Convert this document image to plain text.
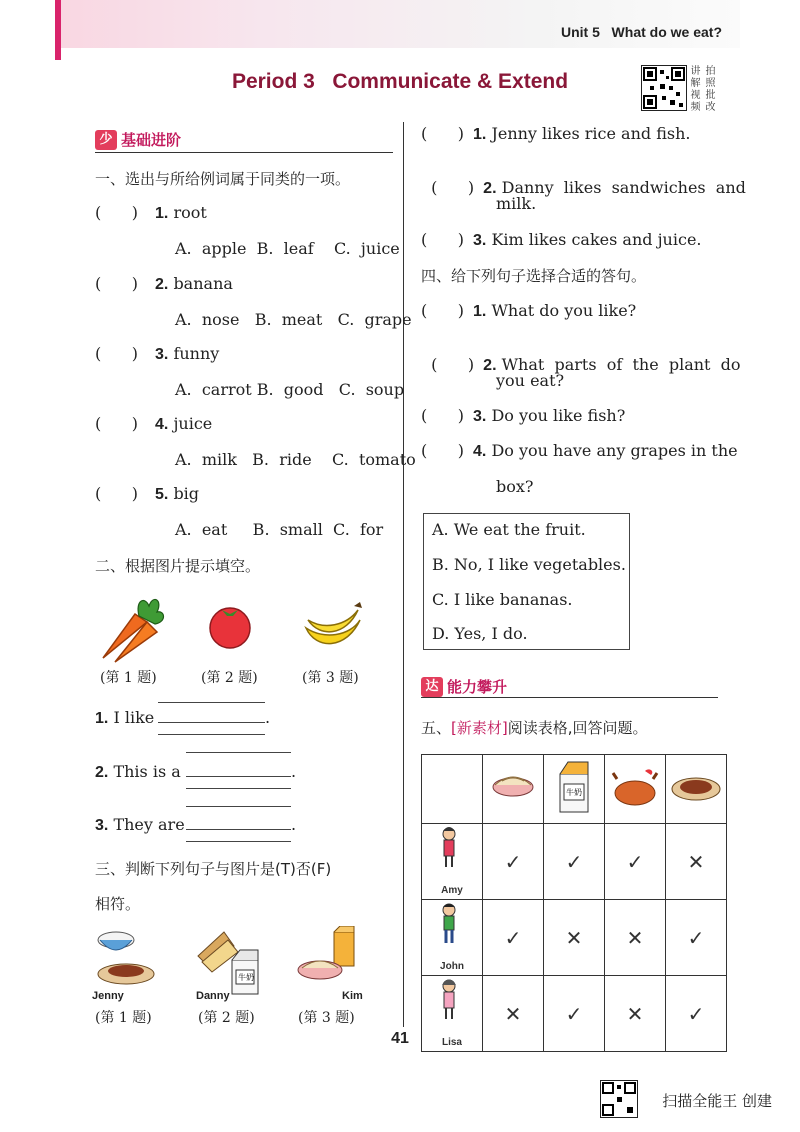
Unit 5 What do we eat?
Period 3   Communicate & Extend	讲 拍 解 照 视 批 频 改
少 基础进阶
一、选出与所给例词属于同类的一项。
(      ) 1. root
A.  apple  B.  leaf    C.  juice
(      ) 2. banana
A.  nose   B.  meat   C.  grape
(      ) 3. funny
A.  carrot B.  good   C.  soup
(      ) 4. juice
A.  milk   B.  ride    C.  tomato
(      ) 5. big
A.  eat     B.  small  C.  for
二、根据图片提示填空。
(第 1 题)	(第 2 题)	(第 3 题)
1. I like	.
2. This is a	.
3. They are	.
三、判断下列句子与图片是(T)否(F)
相符。
牛奶
Jenny	Danny	Kim
(第 1 题)	(第 2 题)	(第 3 题)
(      ) 1. Jenny likes rice and fish.

(      ) 2. Danny  likes  sandwiches  and

milk.
(      ) 3. Kim likes cakes and juice.
四、给下列句子选择合适的答句。
(      ) 1. What do you like?

(      ) 2. What  parts  of  the  plant  do

you eat?
(      ) 3. Do you like fish?
(      ) 4. Do you have any grapes in the
box?
A. We eat the fruit.
B. No, I like vegetables.
C. I like bananas.
D. Yes, I do.
达 能力攀升
五、[新素材]阅读表格,回答问题。

牛奶

Amy	✓	✓	✓	✕

John	✓	✕	✕	✓

Lisa	✕	✓	✕	✓
41
扫描全能王 创建
